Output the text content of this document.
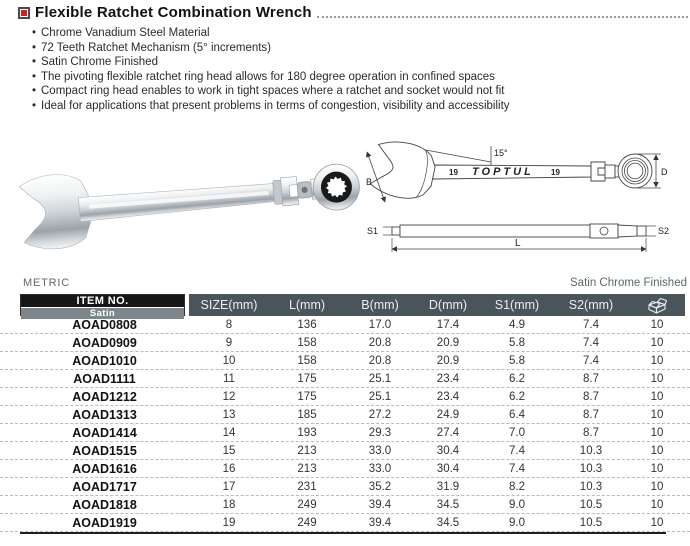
Flexible Ratchet Combination Wrench
• Chrome Vanadium Steel Material
• 72 Teeth Ratchet Mechanism (5° increments)
• Satin Chrome Finished
• The pivoting flexible ratchet ring head allows for 180 degree operation in confined spaces
• Compact ring head enables to work in tight spaces where a ratchet and socket would not fit
• Ideal for applications that present problems in terms of congestion, visibility and accessibility
15°
19 TOPTUL 19
B
D
S1	S2
L
METRIC	Satin Chrome Finished
ITEM NO.
Satin
SIZE(mm)	L(mm)	B(mm)	D(mm)	S1(mm)	S2(mm)
AOAD0808	8	136	17.0	17.4	4.9	7.4	10
AOAD0909	9	158	20.8	20.9	5.8	7.4	10
AOAD1010	10	158	20.8	20.9	5.8	7.4	10
AOAD1111	11	175	25.1	23.4	6.2	8.7	10
AOAD1212	12	175	25.1	23.4	6.2	8.7	10
AOAD1313	13	185	27.2	24.9	6.4	8.7	10
AOAD1414	14	193	29.3	27.4	7.0	8.7	10
AOAD1515	15	213	33.0	30.4	7.4	10.3	10
AOAD1616	16	213	33.0	30.4	7.4	10.3	10
AOAD1717	17	231	35.2	31.9	8.2	10.3	10
AOAD1818	18	249	39.4	34.5	9.0	10.5	10
AOAD1919	19	249	39.4	34.5	9.0	10.5	10
